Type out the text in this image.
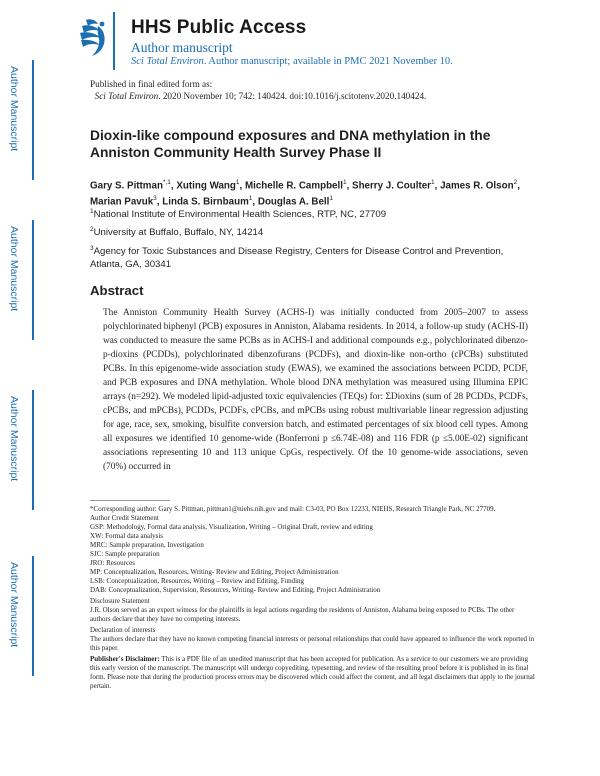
HHS Public Access
Author manuscript
Sci Total Environ. Author manuscript; available in PMC 2021 November 10.
Author Manuscript
Author Manuscript
Author Manuscript
Author Manuscript
Published in final edited form as:
Sci Total Environ. 2020 November 10; 742: 140424. doi:10.1016/j.scitotenv.2020.140424.
Dioxin-like compound exposures and DNA methylation in the Anniston Community Health Survey Phase II
Gary S. Pittman$^{*,1}$, Xuting Wang$^1$, Michelle R. Campbell$^1$, Sherry J. Coulter$^1$, James R. Olson$^2$, Marian Pavuk$^3$, Linda S. Birnbaum$^1$, Douglas A. Bell$^1$
$^1$National Institute of Environmental Health Sciences, RTP, NC, 27709
$^2$University at Buffalo, Buffalo, NY, 14214
$^3$Agency for Toxic Substances and Disease Registry, Centers for Disease Control and Prevention, Atlanta, GA, 30341
Abstract
The Anniston Community Health Survey (ACHS-I) was initially conducted from 2005–2007 to assess polychlorinated biphenyl (PCB) exposures in Anniston, Alabama residents. In 2014, a follow-up study (ACHS-II) was conducted to measure the same PCBs as in ACHS-I and additional compounds e.g., polychlorinated dibenzo-p-dioxins (PCDDs), polychlorinated dibenzofurans (PCDFs), and dioxin-like non-ortho (cPCBs) substituted PCBs. In this epigenome-wide association study (EWAS), we examined the associations between PCDD, PCDF, and PCB exposures and DNA methylation. Whole blood DNA methylation was measured using Illumina EPIC arrays (n=292). We modeled lipid-adjusted toxic equivalencies (TEQs) for: ΣDioxins (sum of 28 PCDDs, PCDFs, cPCBs, and mPCBs), PCDDs, PCDFs, cPCBs, and mPCBs using robust multivariable linear regression adjusting for age, race, sex, smoking, bisulfite conversion batch, and estimated percentages of six blood cell types. Among all exposures we identified 10 genome-wide (Bonferroni p ≤6.74E-08) and 116 FDR (p ≤5.00E-02) significant associations representing 10 and 113 unique CpGs, respectively. Of the 10 genome-wide associations, seven (70%) occurred in

*Corresponding author: Gary S. Pittman, pittman1@niehs.nih.gov and mail: C3-03, PO Box 12233, NIEHS, Research Triangle Park, NC 27709.

Author Credit Statement

GSP: Methodology, Formal data analysis, Visualization, Writing – Original Draft, review and editing

XW: Formal data analysis

MRC: Sample preparation, Investigation

SJC: Sample preparation

JRO: Resources

MP: Conceptualization, Resources, Writing- Review and Editing, Project Administration

LSB: Conceptualization, Resources, Writing – Review and Editing, Funding

DAB: Conceptualization, Supervision, Resources, Writing- Review and Editing, Project Administration

Disclosure Statement

J.R. Olson served as an expert witness for the plaintiffs in legal actions regarding the residents of Anniston, Alabama being exposed to PCBs. The other authors declare that they have no competing interests.

Declaration of interests

The authors declare that they have no known competing financial interests or personal relationships that could have appeared to influence the work reported in this paper.

Publisher's Disclaimer: This is a PDF file of an unedited manuscript that has been accepted for publication. As a service to our customers we are providing this early version of the manuscript. The manuscript will undergo copyediting, typesetting, and review of the resulting proof before it is published in its final form. Please note that during the production process errors may be discovered which could affect the content, and all legal disclaimers that apply to the journal pertain.
